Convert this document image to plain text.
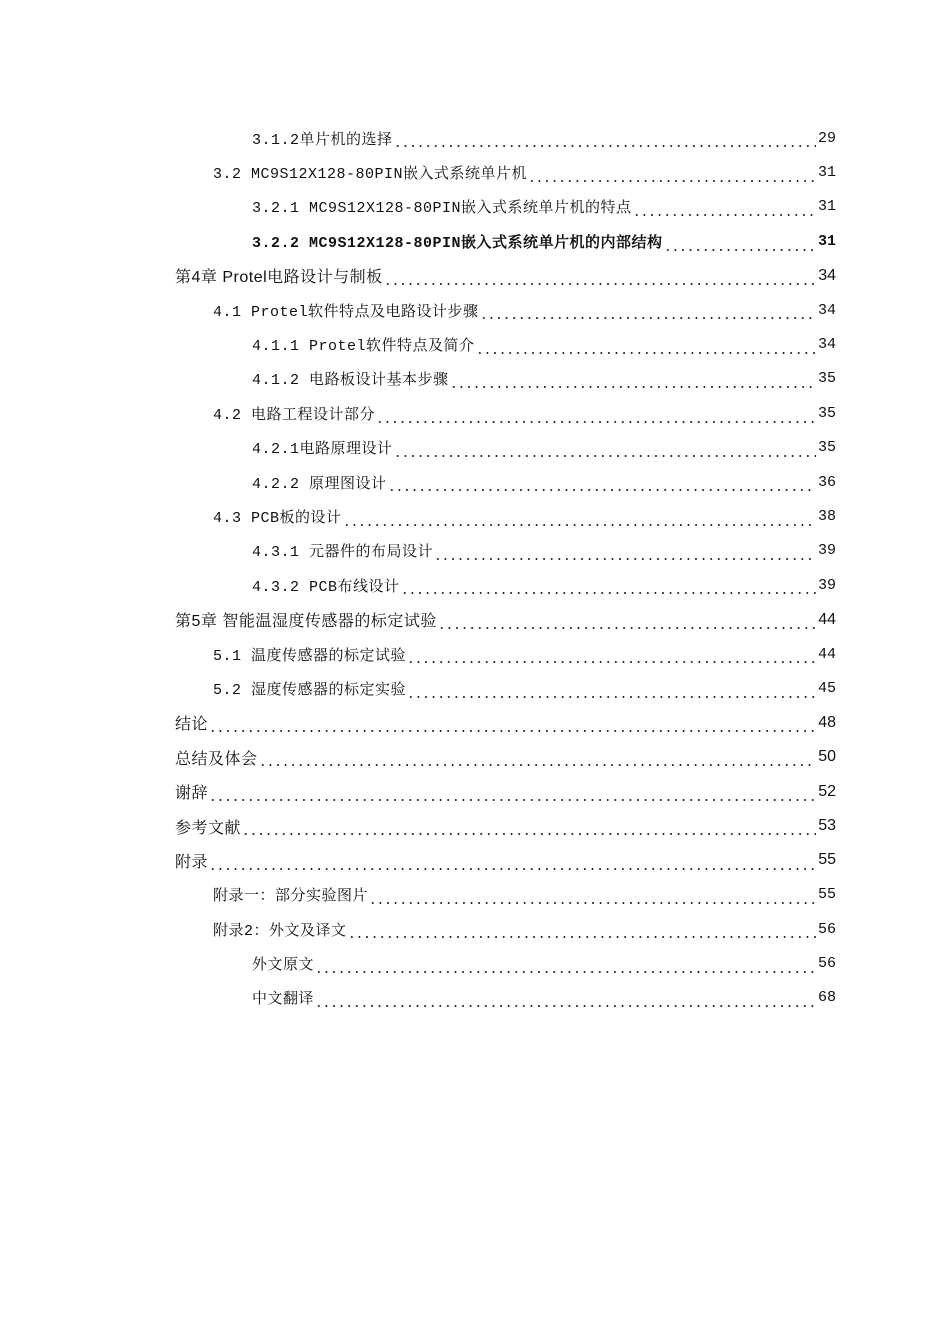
3.1.2单片机的选择	29
3.2 MC9S12X128-80PIN嵌入式系统单片机	31
3.2.1 MC9S12X128-80PIN嵌入式系统单片机的特点	31
3.2.2 MC9S12X128-80PIN嵌入式系统单片机的内部结构	31
第4章 Protel电路设计与制板	34
4.1 Protel软件特点及电路设计步骤	34
4.1.1 Protel软件特点及简介	34
4.1.2 电路板设计基本步骤	35
4.2 电路工程设计部分	35
4.2.1电路原理设计	35
4.2.2 原理图设计	36
4.3 PCB板的设计	38
4.3.1 元器件的布局设计	39
4.3.2 PCB布线设计	39
第5章 智能温湿度传感器的标定试验	44
5.1 温度传感器的标定试验	44
5.2 湿度传感器的标定实验	45
结论	48
总结及体会	50
谢辞	52
参考文献	53
附录	55
附录一：部分实验图片	55
附录2：外文及译文	56
外文原文	56
中文翻译	68
